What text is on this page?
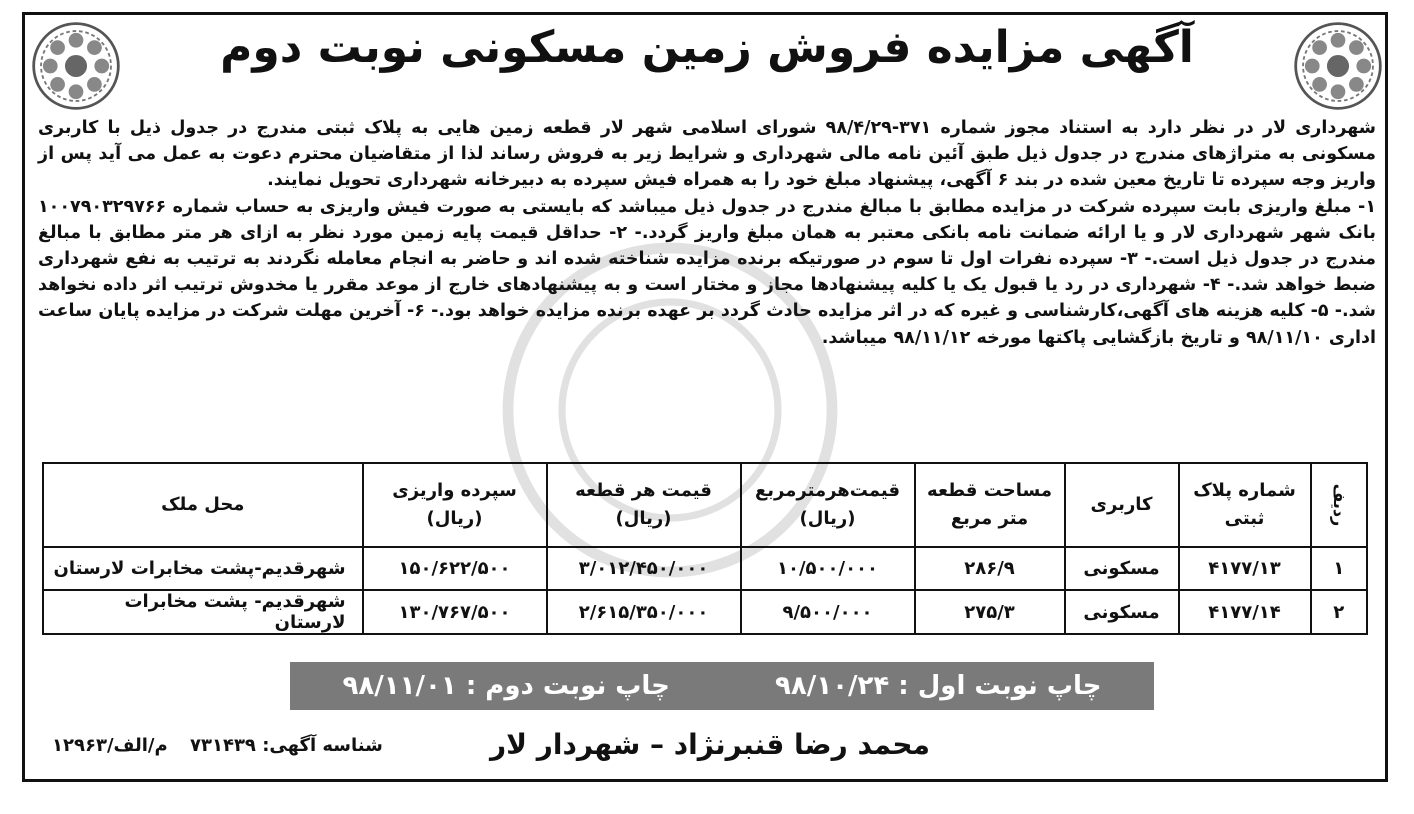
آگهی مزایده فروش زمین مسکونی نوبت دوم

شهرداری لار در نظر دارد به استناد مجوز شماره ۳۷۱-۹۸/۴/۲۹ شورای اسلامی شهر لار قطعه زمین هایی به پلاک ثبتی مندرج در جدول ذیل با کاربری مسکونی به متراژهای مندرج در جدول ذیل طبق آئین نامه مالی شهرداری و شرایط زیر به فروش رساند لذا از متقاضیان محترم دعوت به عمل می آید پس از واریز وجه سپرده تا تاریخ معین شده در بند ۶ آگهی، پیشنهاد مبلغ خود را به همراه فیش سپرده به دبیرخانه شهرداری تحویل نمایند.

۱- مبلغ واریزی بابت سپرده شرکت در مزایده مطابق با مبالغ مندرج در جدول ذیل میباشد که بایستی به صورت فیش واریزی به حساب شماره ۱۰۰۷۹۰۳۲۹۷۶۶ بانک شهر شهرداری لار و یا ارائه ضمانت نامه بانکی معتبر به همان مبلغ واریز گردد.- ۲- حداقل قیمت پایه زمین مورد نظر به ازای هر متر مطابق با مبالغ مندرج در جدول ذیل است.- ۳- سپرده نفرات اول تا سوم در صورتیکه برنده مزایده شناخته شده اند و حاضر به انجام معامله نگردند به ترتیب به نفع شهرداری ضبط خواهد شد.- ۴- شهرداری در رد یا قبول یک یا کلیه پیشنهادها مجاز و مختار است و به پیشنهادهای خارج از موعد مقرر یا مخدوش ترتیب اثر داده نخواهد شد.- ۵- کلیه هزینه های آگهی،کارشناسی و غیره که در اثر مزایده حادث گردد بر عهده برنده مزایده خواهد بود.- ۶- آخرین مهلت شرکت در مزایده پایان ساعت اداری ۹۸/۱۱/۱۰ و تاریخ بازگشایی پاکتها مورخه ۹۸/۱۱/۱۲ میباشد.

ردیف	شماره پلاک ثبتی	کاربری	مساحت قطعه متر مربع	قیمت‌هرمترمربع (ریال)	قیمت هر قطعه (ریال)	سپرده واریزی (ریال)	محل ملک
۱	۴۱۷۷/۱۳	مسکونی	۲۸۶/۹	۱۰/۵۰۰/۰۰۰	۳/۰۱۲/۴۵۰/۰۰۰	۱۵۰/۶۲۲/۵۰۰	شهرقدیم-پشت مخابرات لارستان
۲	۴۱۷۷/۱۴	مسکونی	۲۷۵/۳	۹/۵۰۰/۰۰۰	۲/۶۱۵/۳۵۰/۰۰۰	۱۳۰/۷۶۷/۵۰۰	شهرقدیم- پشت مخابرات لارستان
چاپ نوبت اول : ۹۸/۱۰/۲۴
چاپ نوبت دوم : ۹۸/۱۱/۰۱
محمد رضا قنبرنژاد – شهردار لار
شناسه آگهی: ۷۳۱۴۳۹
م/الف/۱۲۹۶۳
